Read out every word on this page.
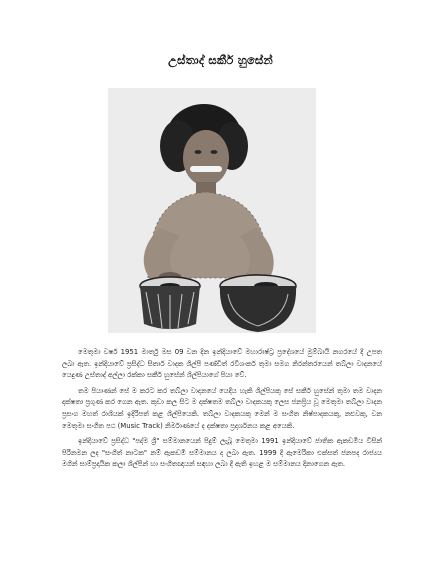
උස්තාද් සකීර් හුසේන්

මෙතුමා වර්ෂ 1951 මාර්තු මස 09 වන දින ඉන්දියාවේ මහාරාෂ්ට්‍ර ප්‍රදේශයේ මුම්බායි නගරයේ දී උපත ලබා ඇත. ඉන්දියාවේ ප්‍රසිද්ධ සිතාර් වාදක ශිල්පී පණ්ඩිත් රවිශංකර් තුමා සමග නිරන්තරයෙන් තබ්ලා වාදනයේ යෙදුණ උස්තාද් අල්ලා රක්කා සකීර් හුසේන් ශිල්පියාගේ පියා වේ.

තම පියාණන් සේ ම කරට කර තබ්ලා වාදනයේ යෙදීය හැකි ශිල්පියකු සේ සකීර් හුසේන් තුමා තම වාදන දක්ෂතා ප්‍රගුණ කර ගෙන ඇත. කුඩා කල සිට ම දක්ෂතම තබ්ලා වාදකයකු ලෙස ජනප්‍රිය වූ මෙතුමා තබ්ලා වාදන ප්‍රසංග මහත් රාශියක් ඉදිරිපත් කළ ශිල්පියෙකි. තබ්ලා වාදකයකු මෙන් ම සංගීත නිෂ්පාදකයකු, නළුවකු, වන මෙතුමා සංගීත පථ (Music Track) නිර්මාණයේ ද දක්ෂතා ප්‍රදර්ශනය කළ අයෙකි.

ඉන්දියාවේ ප්‍රසිද්ධ "පද්ම ශ්‍රී" සම්මානයෙන් පිදුම් ලැබූ මෙතුමා 1991 ඉන්දියාවේ ජාතික ඇකඩමිය විසින් පිරිනමන ලද "සංගීත් නාටක" නම් ඇකඩමි සම්මානය ද ලබා ඇත. 1999 දී ඇමෙරිකා එක්සත් ජනපද රාජ්‍යය මගින් සාම්ප්‍රදායික කලා ශිල්පීන් හා සංගීතඥයන් සඳහා ලබා දී ඇති ඉහළ ම සම්මානය දිනාගෙන ඇත.
